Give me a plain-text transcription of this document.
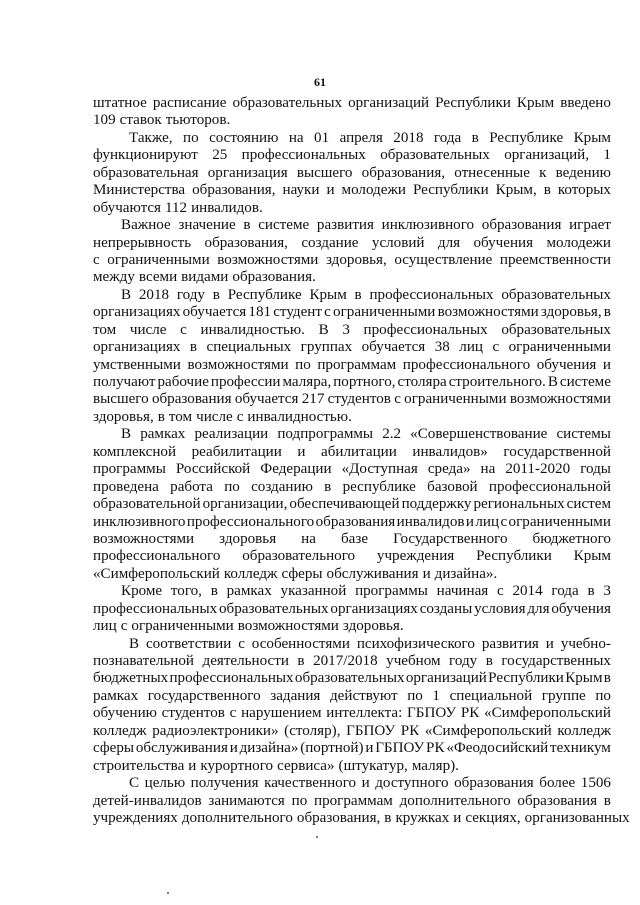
61
штатное расписание образовательных организаций Республики Крым введено
109 ставок тьюторов.
Также, по состоянию на 01 апреля 2018 года в Республике Крым
функционируют 25 профессиональных образовательных организаций, 1
образовательная организация высшего образования, отнесенные к ведению
Министерства образования, науки и молодежи Республики Крым, в которых
обучаются 112 инвалидов.
Важное значение в системе развития инклюзивного образования играет
непрерывность образования, создание условий для обучения молодежи
с ограниченными возможностями здоровья, осуществление преемственности
между всеми видами образования.
В 2018 году в Республике Крым в профессиональных образовательных
организациях обучается 181 студент с ограниченными возможностями здоровья, в
том числе с инвалидностью. В 3 профессиональных образовательных
организациях в специальных группах обучается 38 лиц с ограниченными
умственными возможностями по программам профессионального обучения и
получают рабочие профессии маляра, портного, столяра строительного. В системе
высшего образования обучается 217 студентов с ограниченными возможностями
здоровья, в том числе с инвалидностью.
В рамках реализации подпрограммы 2.2 «Совершенствование системы
комплексной реабилитации и абилитации инвалидов» государственной
программы Российской Федерации «Доступная среда» на 2011-2020 годы
проведена работа по созданию в республике базовой профессиональной
образовательной организации, обеспечивающей поддержку региональных систем
инклюзивного профессионального образования инвалидов и лиц с ограниченными
возможностями здоровья на базе Государственного бюджетного
профессионального образовательного учреждения Республики Крым
«Симферопольский колледж сферы обслуживания и дизайна».
Кроме того, в рамках указанной программы начиная с 2014 года в 3
профессиональных образовательных организациях созданы условия для обучения
лиц с ограниченными возможностями здоровья.
В соответствии с особенностями психофизического развития и учебно-
познавательной деятельности в 2017/2018 учебном году в государственных
бюджетных профессиональных образовательных организаций Республики Крым в
рамках государственного задания действуют по 1 специальной группе по
обучению студентов с нарушением интеллекта: ГБПОУ РК «Симферопольский
колледж радиоэлектроники» (столяр), ГБПОУ РК «Симферопольский колледж
сферы обслуживания и дизайна» (портной) и ГБПОУ РК «Феодосийский техникум
строительства и курортного сервиса» (штукатур, маляр).
С целью получения качественного и доступного образования более 1506
детей-инвалидов занимаются по программам дополнительного образования в
учреждениях дополнительного образования, в кружках и секциях, организованных
